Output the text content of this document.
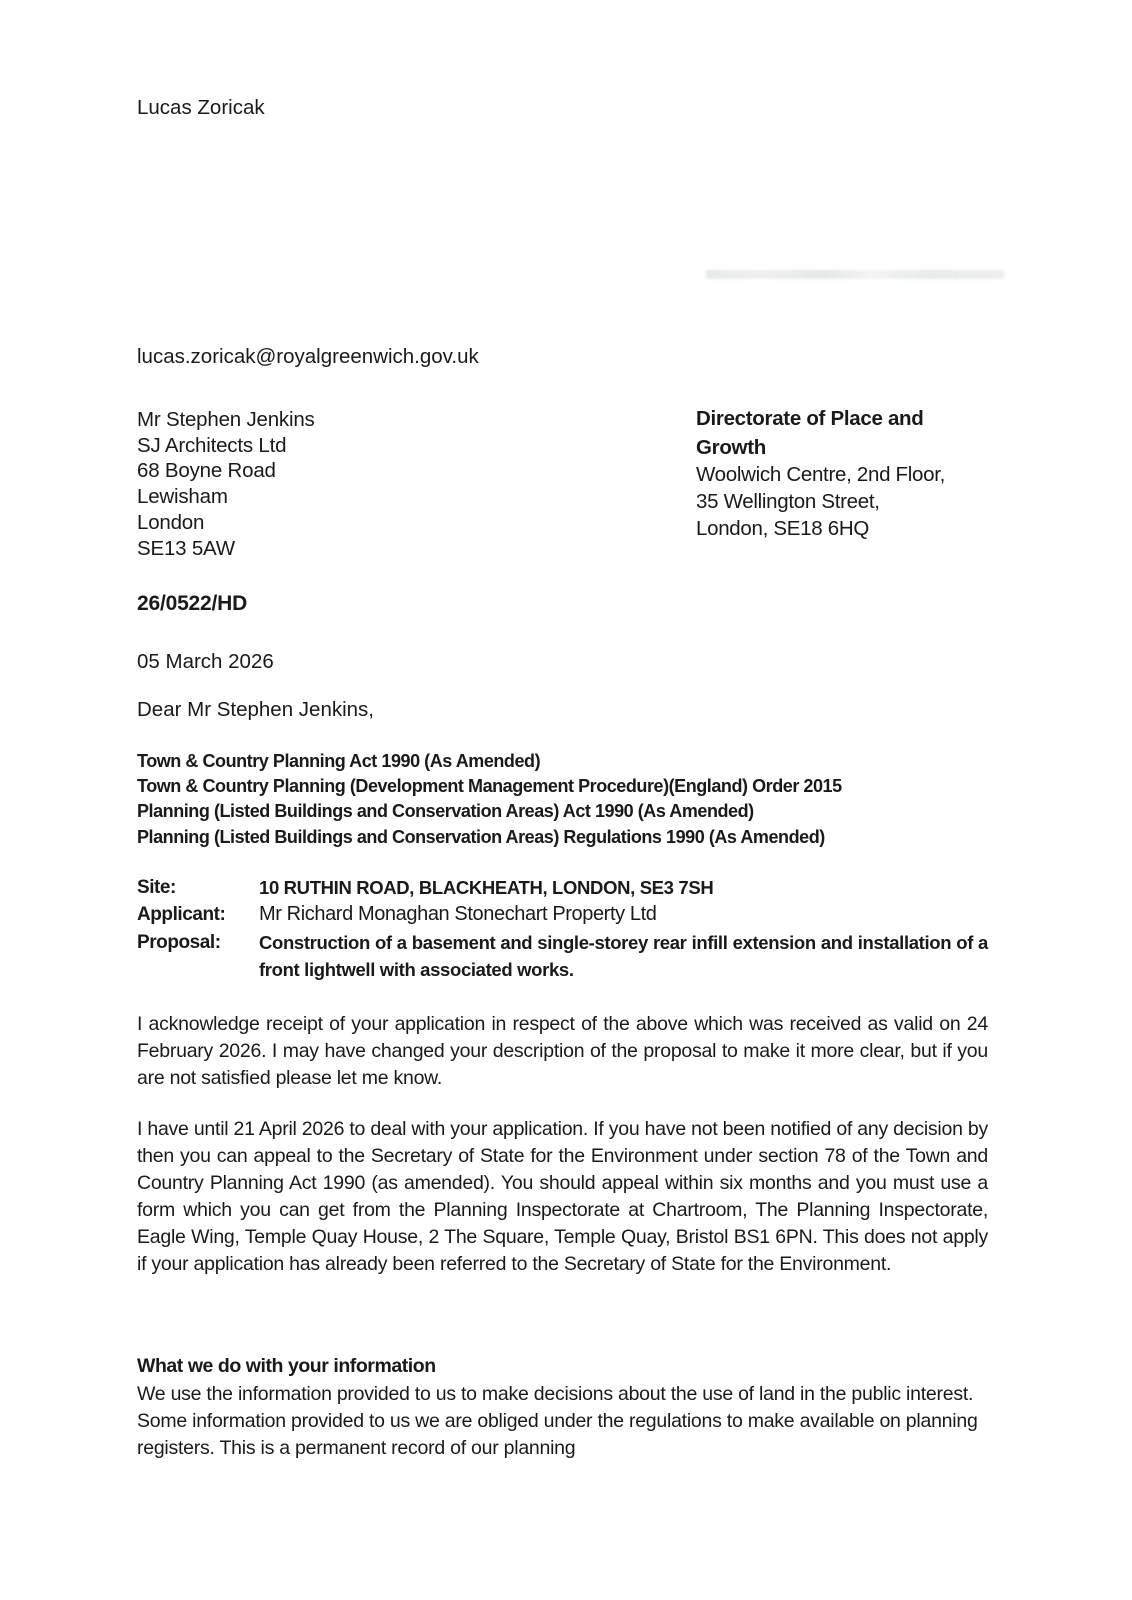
Lucas Zoricak
lucas.zoricak@royalgreenwich.gov.uk
Mr Stephen Jenkins
SJ Architects Ltd
68 Boyne Road
Lewisham
London
SE13 5AW
Directorate of Place and Growth
Woolwich Centre, 2nd Floor,
35 Wellington Street,
London, SE18 6HQ
26/0522/HD
05 March 2026
Dear Mr Stephen Jenkins,
Town & Country Planning Act 1990 (As Amended)
Town & Country Planning (Development Management Procedure)(England) Order 2015
Planning (Listed Buildings and Conservation Areas) Act 1990 (As Amended)
Planning (Listed Buildings and Conservation Areas) Regulations 1990 (As Amended)
Site:	10 RUTHIN ROAD, BLACKHEATH, LONDON, SE3 7SH
Applicant:	Mr Richard Monaghan Stonechart Property Ltd
Proposal:	Construction of a basement and single-storey rear infill extension and installation of a front lightwell with associated works.
I acknowledge receipt of your application in respect of the above which was received as valid on 24 February 2026. I may have changed your description of the proposal to make it more clear, but if you are not satisfied please let me know.
I have until 21 April 2026 to deal with your application. If you have not been notified of any decision by then you can appeal to the Secretary of State for the Environment under section 78 of the Town and Country Planning Act 1990 (as amended). You should appeal within six months and you must use a form which you can get from the Planning Inspectorate at Chartroom, The Planning Inspectorate, Eagle Wing, Temple Quay House, 2 The Square, Temple Quay, Bristol BS1 6PN. This does not apply if your application has already been referred to the Secretary of State for the Environment.
What we do with your information
We use the information provided to us to make decisions about the use of land in the public interest. Some information provided to us we are obliged under the regulations to make available on planning registers. This is a permanent record of our planning
